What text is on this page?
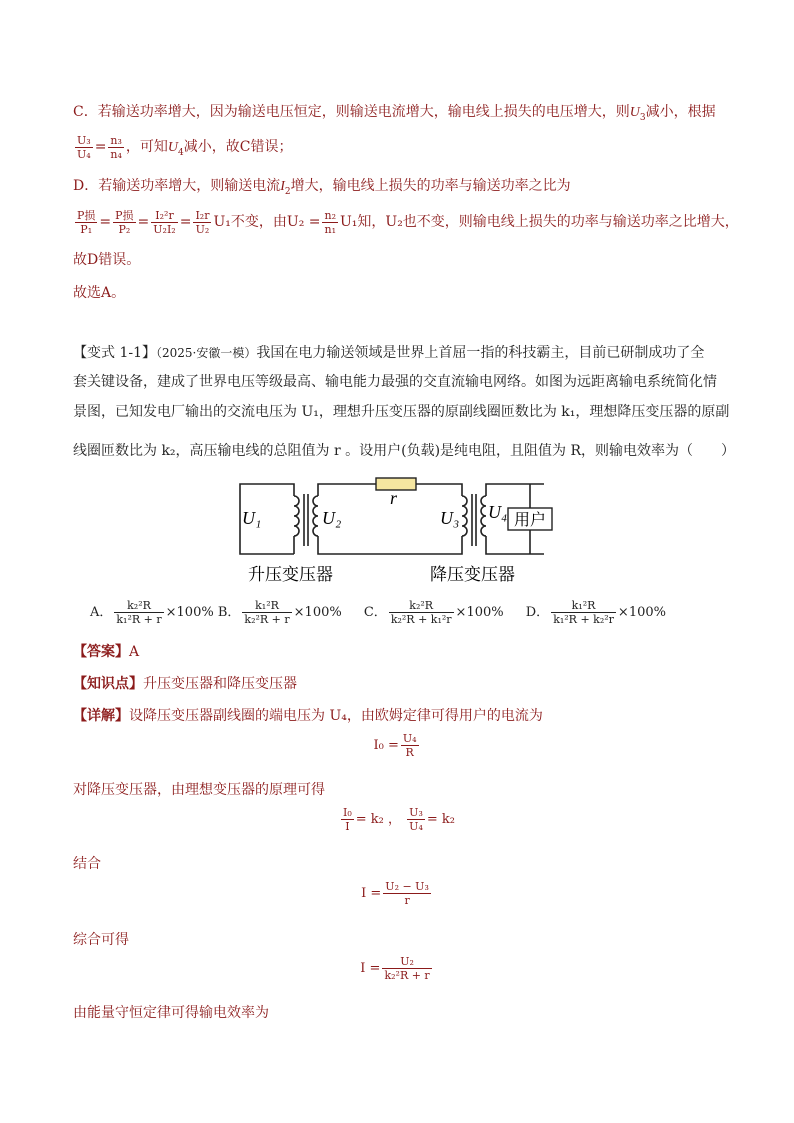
C．若输送功率增大，因为输送电压恒定，则输送电流增大，输电线上损失的电压增大，则$U_3$减小，根据
$\frac{\text{U₃}}{\text{U₄}} = \frac{\text{n₃}}{\text{n₄}}$ ，可知$U_4$减小，故C错误；
D．若输送功率增大，则输送电流$I_2$增大，输电线上损失的功率与输送功率之比为
$\frac{\text{P损}}{\text{P₁}} = \frac{\text{P损}}{\text{P₂}} = \frac{\text{I₂²r}}{\text{U₂I₂}} = \frac{\text{I₂r}}{\text{U₂}} U_1$不变，由$U_2 = \frac{\text{n₂}}{\text{n₁}} U_1$知，U₂也不变，则输电线上损失的功率与输送功率之比增大，
故D错误。
故选A。
【变式 1-1】（2025·安徽一模）我国在电力输送领域是世界上首屈一指的科技霸主，目前已研制成功了全
套关键设备，建成了世界电压等级最高、输电能力最强的交直流输电网络。如图为远距离输电系统简化情
景图，已知发电厂输出的交流电压为 U₁，理想升压变压器的原副线圈匝数比为 k₁，理想降压变压器的原副
线圈匝数比为 k₂，高压输电线的总阻值为 r 。设用户(负载)是纯电阻，且阻值为 R，则输电效率为（　　）
用户
r
U₁	U₂	U₃ U₄
升压变压器	降压变压器
A． $\frac{\text{k₂²R}}{\text{k₁²R + r}} \times 100\%$ B． $\frac{\text{k₁²R}}{\text{k₂²R + r}} \times 100\%$ C． $\frac{\text{k₂²R}}{\text{k₂²R + k₁²r}} \times 100\%$ D． $\frac{\text{k₁²R}}{\text{k₁²R + k₂²r}} \times 100\%$
【答案】A
【知识点】升压变压器和降压变压器
【详解】设降压变压器副线圈的端电压为 U₄，由欧姆定律可得用户的电流为
$I_0 = \frac{\text{U₄}}{R}$
对降压变压器，由理想变压器的原理可得
$\frac{\text{I₀}}{I} = k_2$ ， $\frac{\text{U₃}}{\text{U₄}} = k_2$
结合
$I = \frac{\text{U₂ − U₃}}{r}$
综合可得
$I = \frac{\text{U₂}}{\text{k₂²R + r}}$
由能量守恒定律可得输电效率为
